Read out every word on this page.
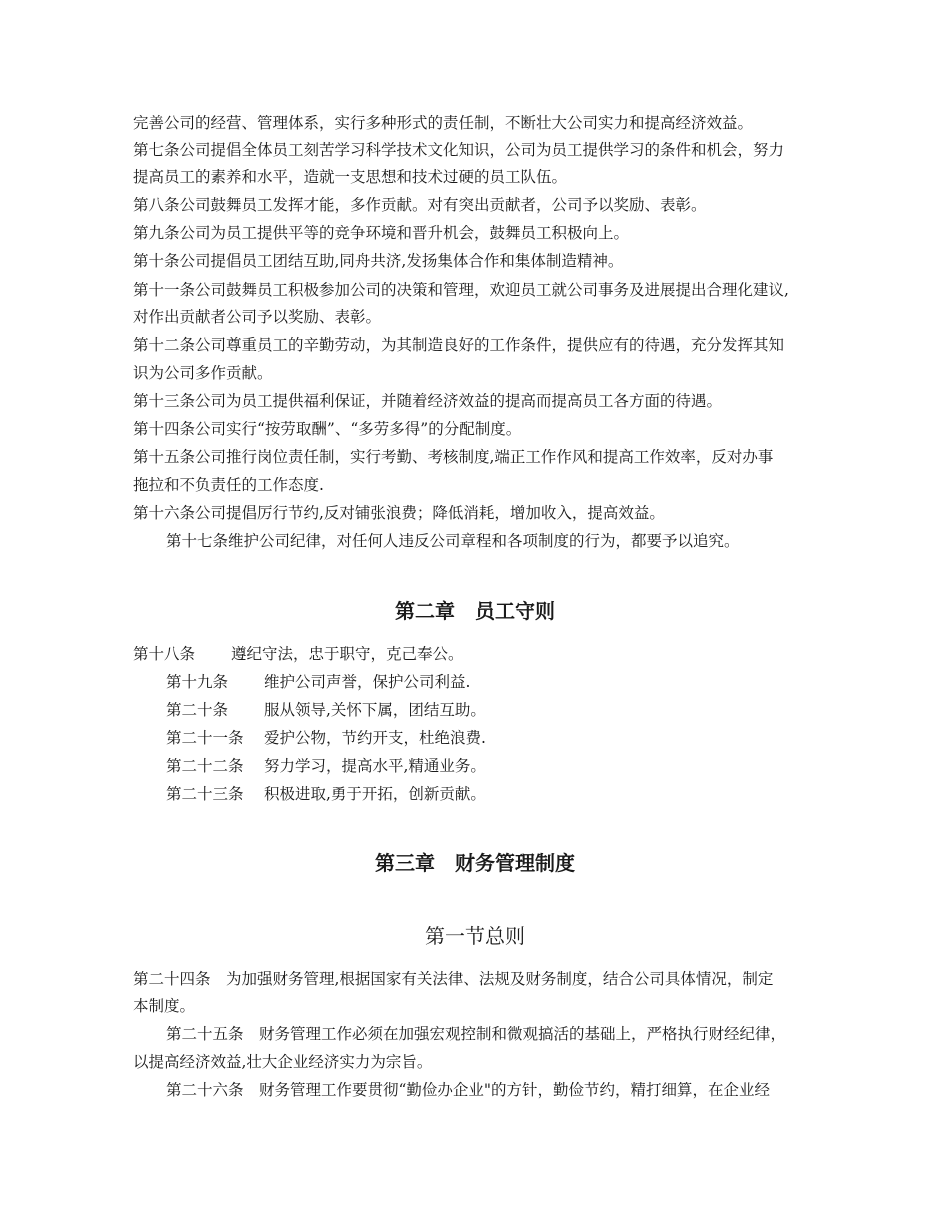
完善公司的经营、管理体系，实行多种形式的责任制，不断壮大公司实力和提高经济效益。
第七条公司提倡全体员工刻苦学习科学技术文化知识，公司为员工提供学习的条件和机会，努力
提高员工的素养和水平，造就一支思想和技术过硬的员工队伍。
第八条公司鼓舞员工发挥才能，多作贡献。对有突出贡献者，公司予以奖励、表彰。
第九条公司为员工提供平等的竞争环境和晋升机会，鼓舞员工积极向上。
第十条公司提倡员工团结互助,同舟共济,发扬集体合作和集体制造精神。
第十一条公司鼓舞员工积极参加公司的决策和管理，欢迎员工就公司事务及进展提出合理化建议,
对作出贡献者公司予以奖励、表彰。
第十二条公司尊重员工的辛勤劳动，为其制造良好的工作条件，提供应有的待遇，充分发挥其知
识为公司多作贡献。
第十三条公司为员工提供福利保证，并随着经济效益的提高而提高员工各方面的待遇。
第十四条公司实行“按劳取酬”、“多劳多得”的分配制度。
第十五条公司推行岗位责任制，实行考勤、考核制度,端正工作作风和提高工作效率，反对办事
拖拉和不负责任的工作态度.
第十六条公司提倡厉行节约,反对铺张浪费；降低消耗，增加收入，提高效益。
第十七条维护公司纪律，对任何人违反公司章程和各项制度的行为，都要予以追究。
第二章　员工守则
第十八条 遵纪守法，忠于职守，克己奉公。
第十九条 维护公司声誉，保护公司利益.
第二十条 服从领导,关怀下属，团结互助。
第二十一条 爱护公物，节约开支，杜绝浪费.
第二十二条 努力学习，提高水平,精通业务。
第二十三条 积极进取,勇于开拓，创新贡献。
第三章　财务管理制度
第一节总则
第二十四条　为加强财务管理,根据国家有关法律、法规及财务制度，结合公司具体情况，制定
本制度。
第二十五条　财务管理工作必须在加强宏观控制和微观搞活的基础上，严格执行财经纪律，
以提高经济效益,壮大企业经济实力为宗旨。
第二十六条　财务管理工作要贯彻“勤俭办企业"的方针，勤俭节约，精打细算，在企业经
